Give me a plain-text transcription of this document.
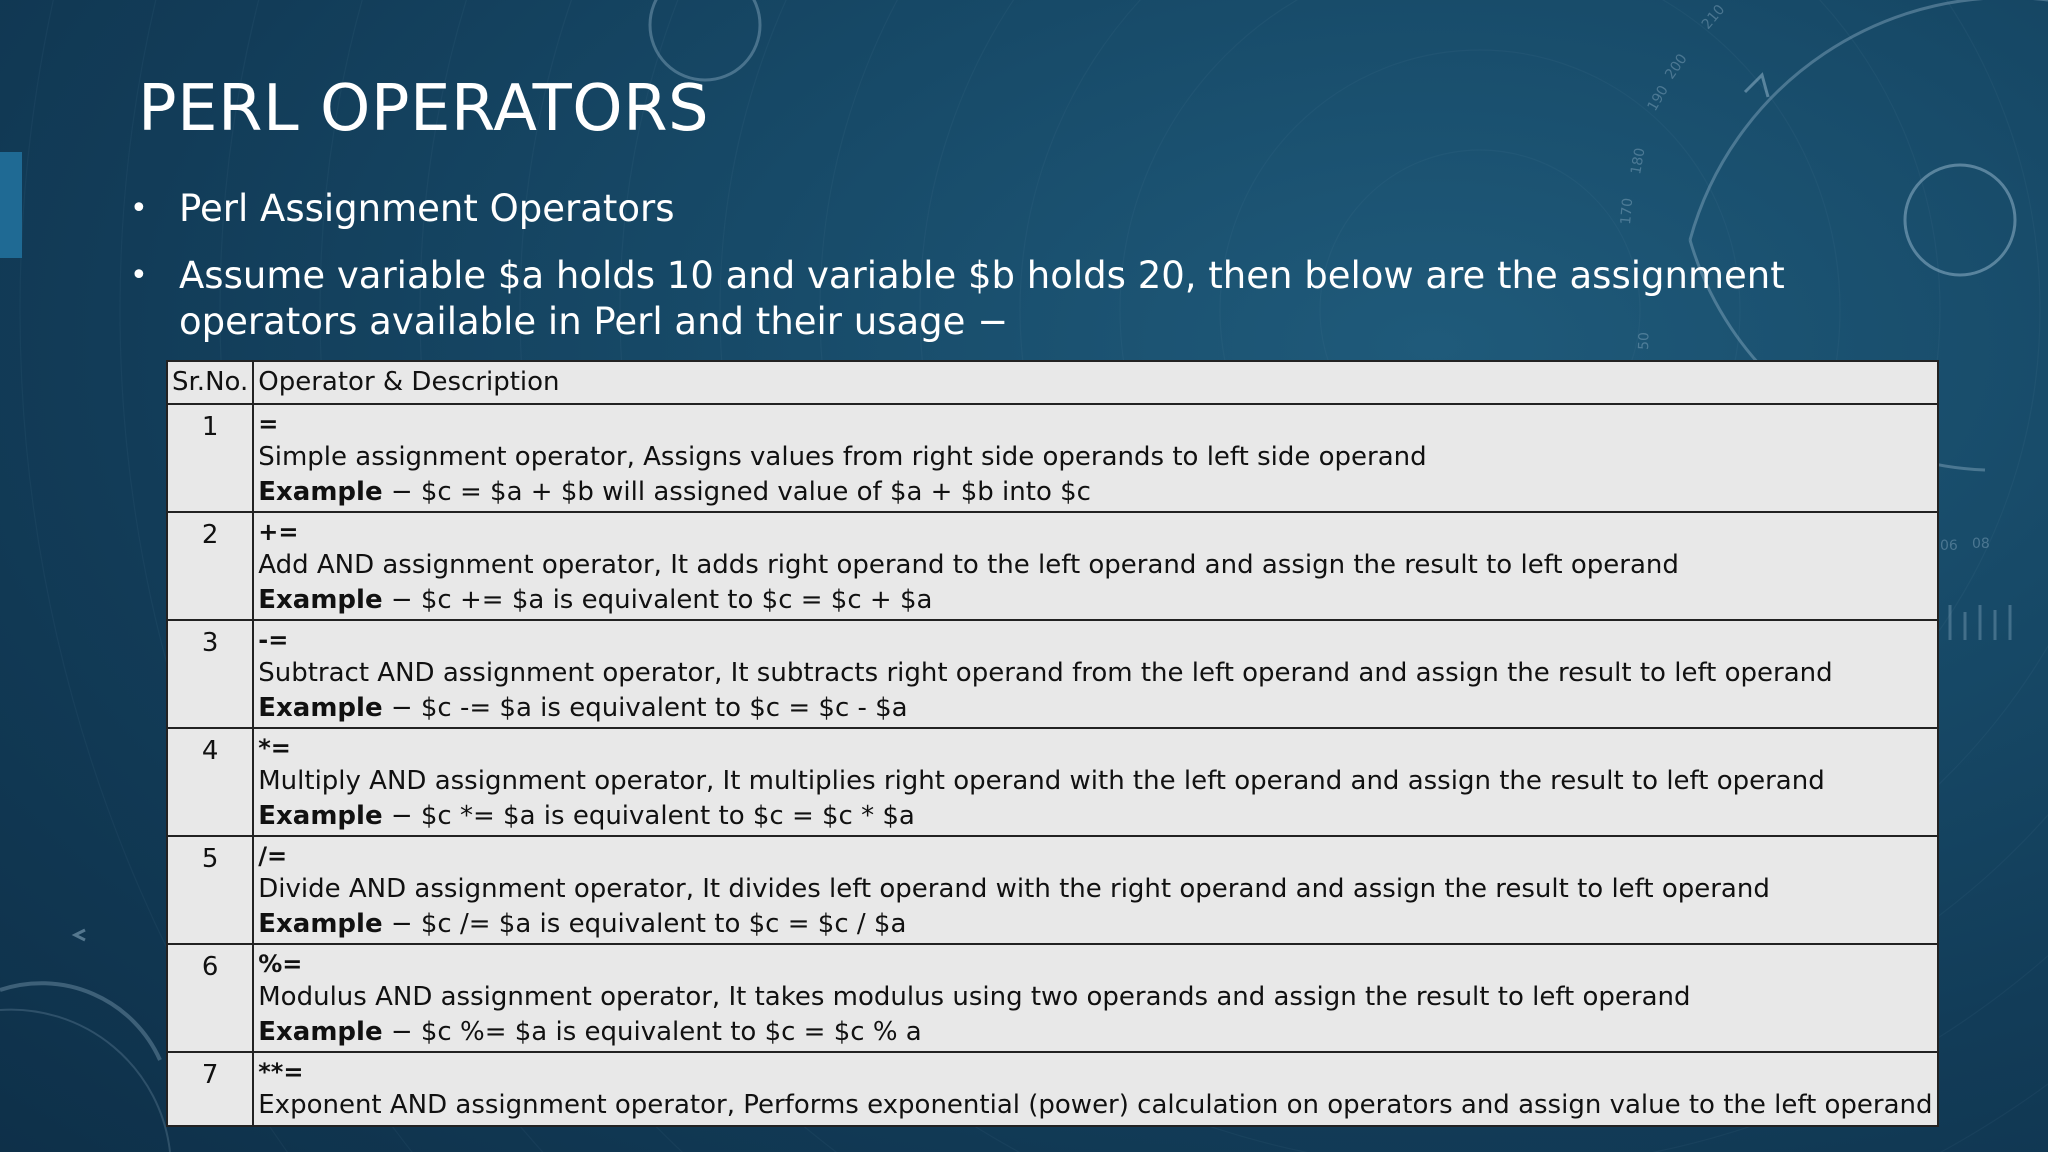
190
200
210
180
170
06 08
50
PERL OPERATORS
• Perl Assignment Operators
• Assume variable $a holds 10 and variable $b holds 20, then below are the assignment operators available in Perl and their usage −
Sr.No.	Operator & Description
1	=
Simple assignment operator, Assigns values from right side operands to left side operand
Example − $c = $a + $b will assigned value of $a + $b into $c

2	+=
Add AND assignment operator, It adds right operand to the left operand and assign the result to left operand
Example − $c += $a is equivalent to $c = $c + $a

3	-=
Subtract AND assignment operator, It subtracts right operand from the left operand and assign the result to left operand
Example − $c -= $a is equivalent to $c = $c - $a

4	*=
Multiply AND assignment operator, It multiplies right operand with the left operand and assign the result to left operand
Example − $c *= $a is equivalent to $c = $c * $a

5	/=
Divide AND assignment operator, It divides left operand with the right operand and assign the result to left operand
Example − $c /= $a is equivalent to $c = $c / $a

6	%=
Modulus AND assignment operator, It takes modulus using two operands and assign the result to left operand
Example − $c %= $a is equivalent to $c = $c % a

7	**=
Exponent AND assignment operator, Performs exponential (power) calculation on operators and assign value to the left operand
